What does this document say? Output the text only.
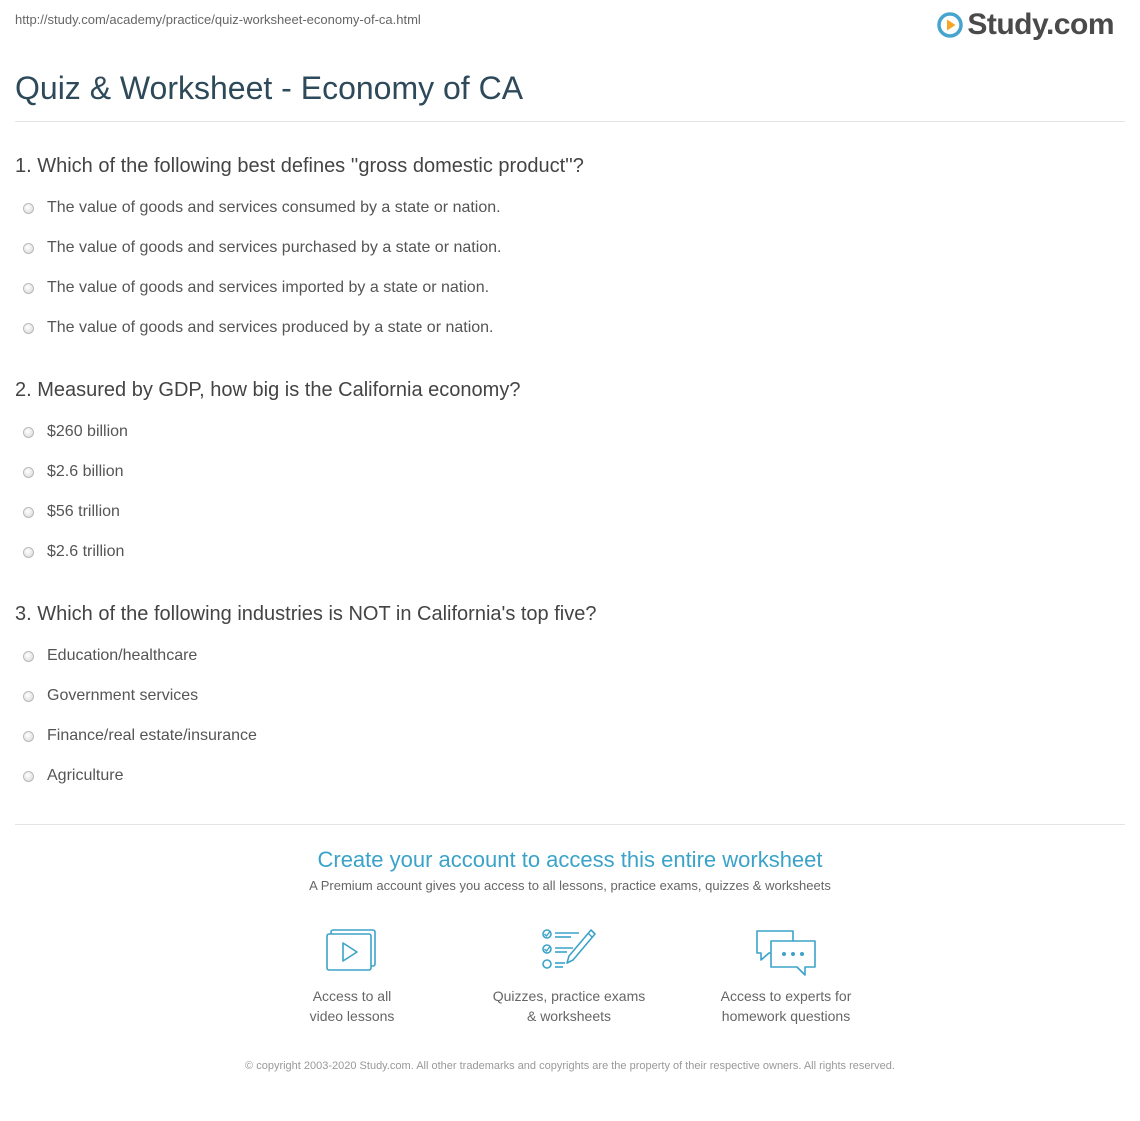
http://study.com/academy/practice/quiz-worksheet-economy-of-ca.html	Study.com
Quiz & Worksheet - Economy of CA
1. Which of the following best defines ''gross domestic product''?
The value of goods and services consumed by a state or nation.
The value of goods and services purchased by a state or nation.
The value of goods and services imported by a state or nation.
The value of goods and services produced by a state or nation.
2. Measured by GDP, how big is the California economy?
$260 billion
$2.6 billion
$56 trillion
$2.6 trillion
3. Which of the following industries is NOT in California's top five?
Education/healthcare
Government services
Finance/real estate/insurance
Agriculture
Create your account to access this entire worksheet
A Premium account gives you access to all lessons, practice exams, quizzes & worksheets
Access to all
video lessons
Quizzes, practice exams
& worksheets
Access to experts for
homework questions
© copyright 2003-2020 Study.com. All other trademarks and copyrights are the property of their respective owners. All rights reserved.
